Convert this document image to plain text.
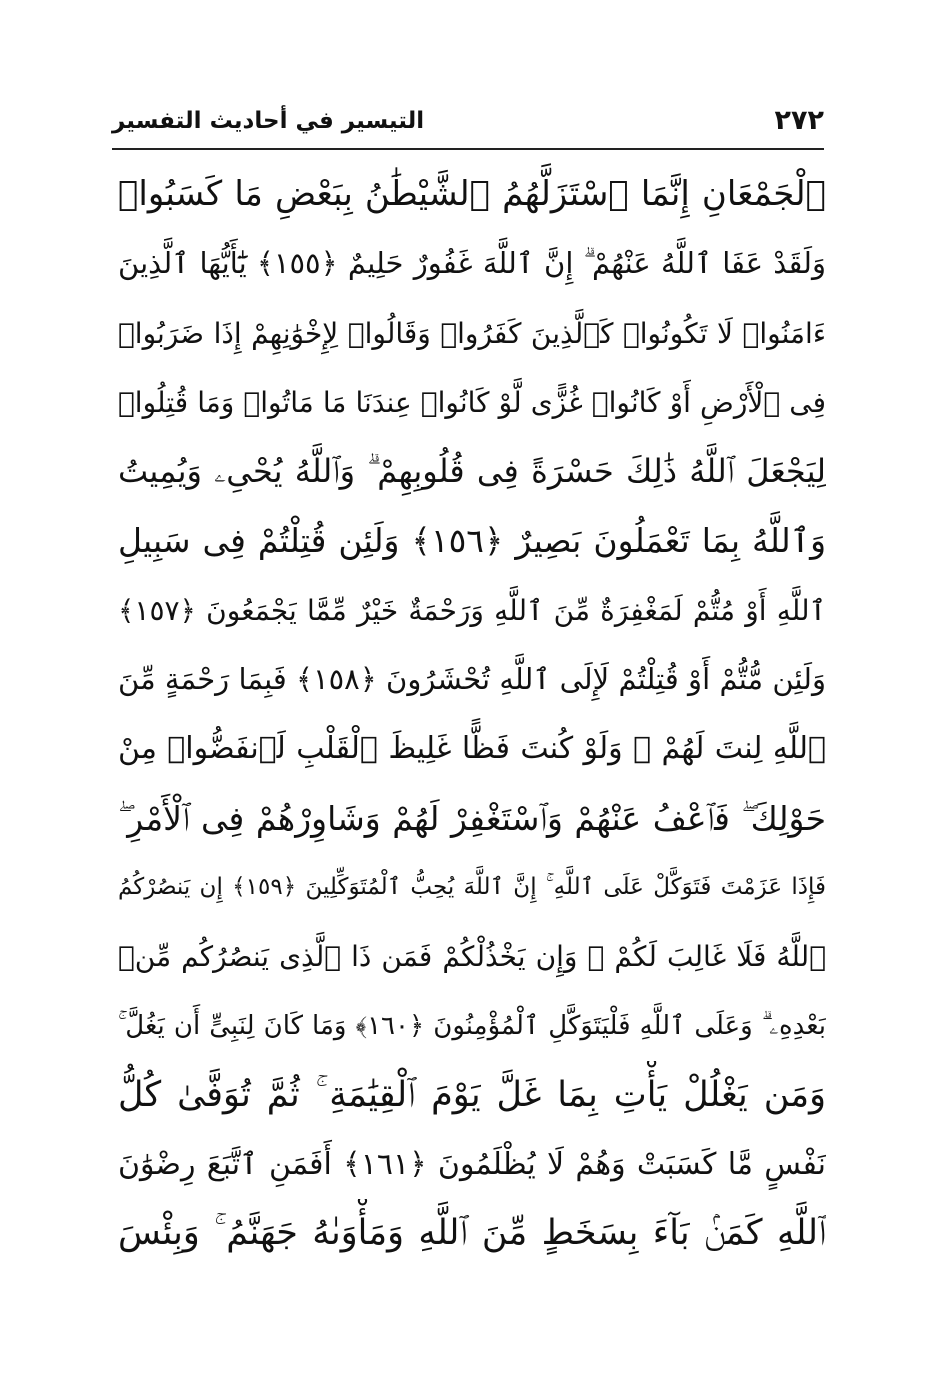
٢٧٢
التيسير في أحاديث التفسير
ٱلْجَمْعَانِ إِنَّمَا ٱسْتَزَلَّهُمُ ٱلشَّيْطَٰنُ بِبَعْضِ مَا كَسَبُوا۟
وَلَقَدْ عَفَا ٱللَّهُ عَنْهُمْ ۗ إِنَّ ٱللَّهَ غَفُورٌ حَلِيمٌ ﴿١٥٥﴾ يَٰٓأَيُّهَا ٱلَّذِينَ
ءَامَنُوا۟ لَا تَكُونُوا۟ كَٱلَّذِينَ كَفَرُوا۟ وَقَالُوا۟ لِإِخْوَٰنِهِمْ إِذَا ضَرَبُوا۟
فِى ٱلْأَرْضِ أَوْ كَانُوا۟ غُزًّى لَّوْ كَانُوا۟ عِندَنَا مَا مَاتُوا۟ وَمَا قُتِلُوا۟
لِيَجْعَلَ ٱللَّهُ ذَٰلِكَ حَسْرَةً فِى قُلُوبِهِمْ ۗ وَٱللَّهُ يُحْىِۦ وَيُمِيتُ
وَٱللَّهُ بِمَا تَعْمَلُونَ بَصِيرٌ ﴿١٥٦﴾ وَلَئِن قُتِلْتُمْ فِى سَبِيلِ
ٱللَّهِ أَوْ مُتُّمْ لَمَغْفِرَةٌ مِّنَ ٱللَّهِ وَرَحْمَةٌ خَيْرٌ مِّمَّا يَجْمَعُونَ ﴿١٥٧﴾
وَلَئِن مُّتُّمْ أَوْ قُتِلْتُمْ لَإِلَى ٱللَّهِ تُحْشَرُونَ ﴿١٥٨﴾ فَبِمَا رَحْمَةٍ مِّنَ
ٱللَّهِ لِنتَ لَهُمْ ۖ وَلَوْ كُنتَ فَظًّا غَلِيظَ ٱلْقَلْبِ لَٱنفَضُّوا۟ مِنْ
حَوْلِكَ ۖ فَٱعْفُ عَنْهُمْ وَٱسْتَغْفِرْ لَهُمْ وَشَاوِرْهُمْ فِى ٱلْأَمْرِ ۖ
فَإِذَا عَزَمْتَ فَتَوَكَّلْ عَلَى ٱللَّهِ ۚ إِنَّ ٱللَّهَ يُحِبُّ ٱلْمُتَوَكِّلِينَ ﴿١٥٩﴾ إِن يَنصُرْكُمُ
ٱللَّهُ فَلَا غَالِبَ لَكُمْ ۖ وَإِن يَخْذُلْكُمْ فَمَن ذَا ٱلَّذِى يَنصُرُكُم مِّنۢ
بَعْدِهِۦ ۗ وَعَلَى ٱللَّهِ فَلْيَتَوَكَّلِ ٱلْمُؤْمِنُونَ ﴿١٦٠﴾ وَمَا كَانَ لِنَبِىٍّ أَن يَغُلَّ ۚ
وَمَن يَغْلُلْ يَأْتِ بِمَا غَلَّ يَوْمَ ٱلْقِيَٰمَةِ ۚ ثُمَّ تُوَفَّىٰ كُلُّ
نَفْسٍ مَّا كَسَبَتْ وَهُمْ لَا يُظْلَمُونَ ﴿١٦١﴾ أَفَمَنِ ٱتَّبَعَ رِضْوَٰنَ
ٱللَّهِ كَمَنۢ بَآءَ بِسَخَطٍ مِّنَ ٱللَّهِ وَمَأْوَىٰهُ جَهَنَّمُ ۚ وَبِئْسَ
